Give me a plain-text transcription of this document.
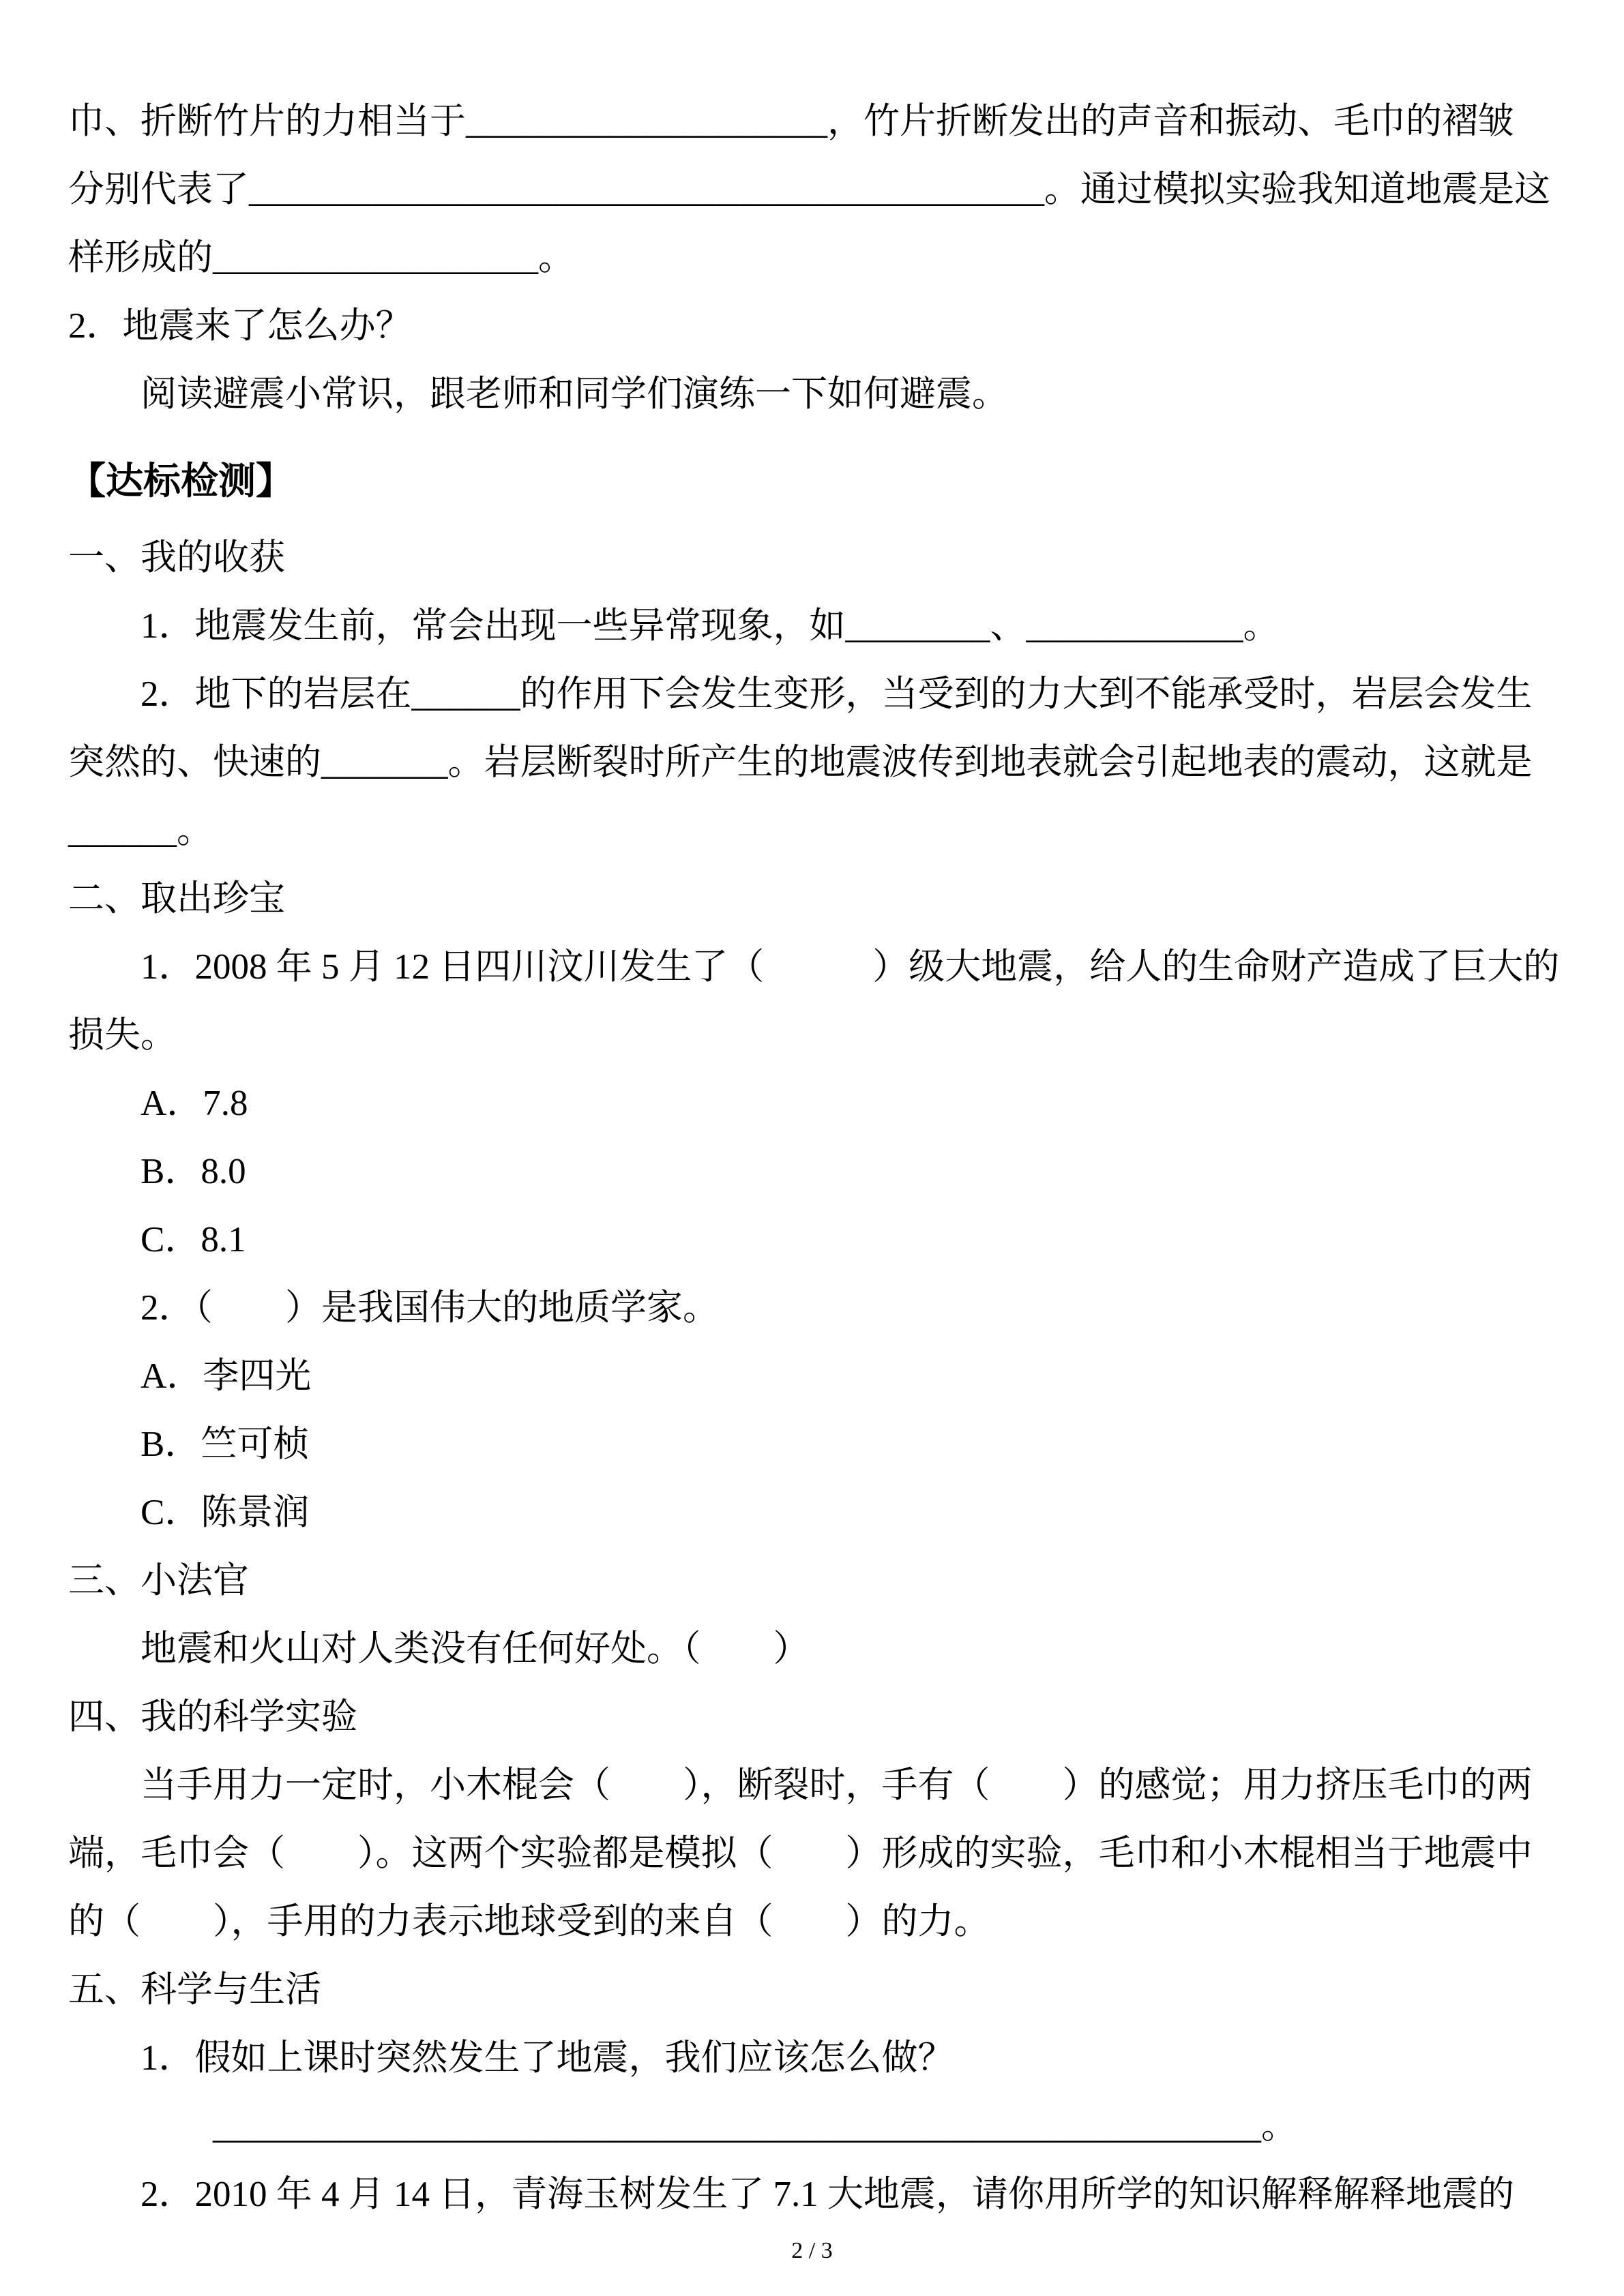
巾、折断竹片的力相当于____________________，竹片折断发出的声音和振动、毛巾的褶皱
分别代表了____________________________________________。通过模拟实验我知道地震是这
样形成的__________________。
2．地震来了怎么办？
阅读避震小常识，跟老师和同学们演练一下如何避震。
【达标检测】
一、我的收获
1．地震发生前，常会出现一些异常现象，如________、____________。
2．地下的岩层在______的作用下会发生变形，当受到的力大到不能承受时，岩层会发生
突然的、快速的_______。岩层断裂时所产生的地震波传到地表就会引起地表的震动，这就是
______。
二、取出珍宝
1．2008 年 5 月 12 日四川汶川发生了（　　　）级大地震，给人的生命财产造成了巨大的
损失。
A．7.8
B．8.0
C．8.1
2．（　　）是我国伟大的地质学家。
A．李四光
B．竺可桢
C．陈景润
三、小法官
地震和火山对人类没有任何好处。（　　）
四、我的科学实验
当手用力一定时，小木棍会（　　），断裂时，手有（　　）的感觉；用力挤压毛巾的两
端，毛巾会（　　）。这两个实验都是模拟（　　）形成的实验，毛巾和小木棍相当于地震中
的（　　），手用的力表示地球受到的来自（　　）的力。
五、科学与生活
1．假如上课时突然发生了地震，我们应该怎么做？
__________________________________________________________。
2．2010 年 4 月 14 日，青海玉树发生了 7.1 大地震，请你用所学的知识解释解释地震的
2 / 3
